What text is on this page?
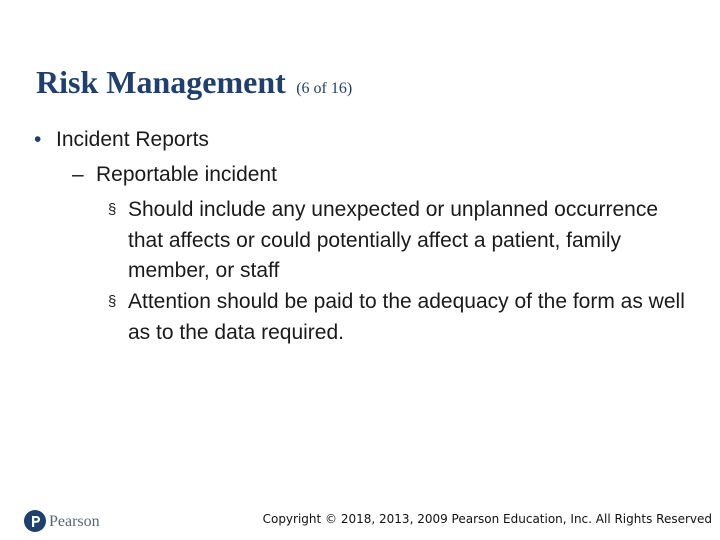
Risk Management (6 of 16)
• Incident Reports
– Reportable incident
§ Should include any unexpected or unplanned occurrence that affects or could potentially affect a patient, family member, or staff
§ Attention should be paid to the adequacy of the form as well as to the data required.
Pearson	Copyright © 2018, 2013, 2009 Pearson Education, Inc. All Rights Reserved
